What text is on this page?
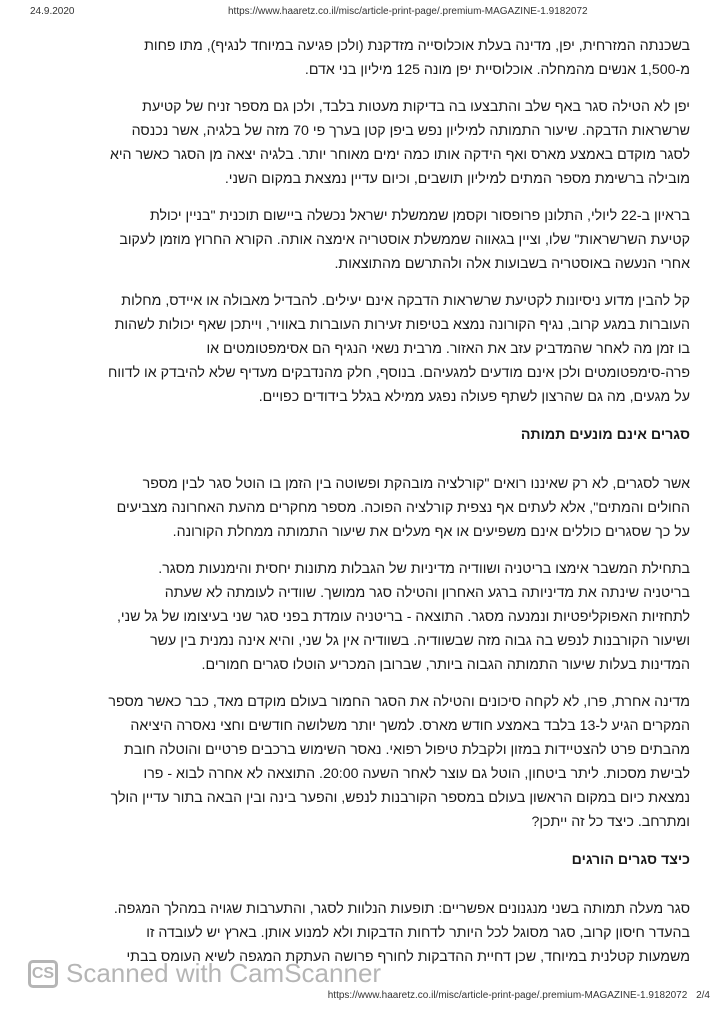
24.9.2020	https://www.haaretz.co.il/misc/article-print-page/.premium-MAGAZINE-1.9182072
בשכנתה המזרחית, יפן, מדינה בעלת אוכלוסייה מזדקנת (ולכן פגיעה במיוחד לנגיף), מתו פחות
מ-1,500 אנשים מהמחלה. אוכלוסיית יפן מונה 125 מיליון בני אדם.
יפן לא הטילה סגר באף שלב והתבצעו בה בדיקות מעטות בלבד, ולכן גם מספר זניח של קטיעת
שרשראות הדבקה. שיעור התמותה למיליון נפש ביפן קטן בערך פי 70 מזה של בלגיה, אשר נכנסה
לסגר מוקדם באמצע מארס ואף הידקה אותו כמה ימים מאוחר יותר. בלגיה יצאה מן הסגר כאשר היא
מובילה ברשימת מספר המתים למיליון תושבים, וכיום עדיין נמצאת במקום השני.
בראיון ב-22 ליולי, התלונן פרופסור וקסמן שממשלת ישראל נכשלה ביישום תוכנית "בניין יכולת
קטיעת השרשראות" שלו, וציין בגאווה שממשלת אוסטריה אימצה אותה. הקורא החרוץ מוזמן לעקוב
אחרי הנעשה באוסטריה בשבועות אלה ולהתרשם מהתוצאות.
קל להבין מדוע ניסיונות לקטיעת שרשראות הדבקה אינם יעילים. להבדיל מאבולה או איידס, מחלות
העוברות במגע קרוב, נגיף הקורונה נמצא בטיפות זעירות העוברות באוויר, וייתכן שאף יכולות לשהות
בו זמן מה לאחר שהמדביק עזב את האזור. מרבית נשאי הנגיף הם אסימפטומטים או
פרה-סימפטומטים ולכן אינם מודעים למגעיהם. בנוסף, חלק מהנדבקים מעדיף שלא להיבדק או לדווח
על מגעים, מה גם שהרצון לשתף פעולה נפגע ממילא בגלל בידודים כפויים.
סגרים אינם מונעים תמותה
אשר לסגרים, לא רק שאיננו רואים "קורלציה מובהקת ופשוטה בין הזמן בו הוטל סגר לבין מספר
החולים והמתים", אלא לעתים אף נצפית קורלציה הפוכה. מספר מחקרים מהעת האחרונה מצביעים
על כך שסגרים כוללים אינם משפיעים או אף מעלים את שיעור התמותה ממחלת הקורונה.
בתחילת המשבר אימצו בריטניה ושוודיה מדיניות של הגבלות מתונות יחסית והימנעות מסגר.
בריטניה שינתה את מדיניותה ברגע האחרון והטילה סגר ממושך. שוודיה לעומתה לא שעתה
לתחזיות האפוקליפטיות ונמנעה מסגר. התוצאה - בריטניה עומדת בפני סגר שני בעיצומו של גל שני,
ושיעור הקורבנות לנפש בה גבוה מזה שבשוודיה. בשוודיה אין גל שני, והיא אינה נמנית בין עשר
המדינות בעלות שיעור התמותה הגבוה ביותר, שברובן המכריע הוטלו סגרים חמורים.
מדינה אחרת, פרו, לא לקחה סיכונים והטילה את הסגר החמור בעולם מוקדם מאד, כבר כאשר מספר
המקרים הגיע ל-13 בלבד באמצע חודש מארס. למשך יותר משלושה חודשים וחצי נאסרה היציאה
מהבתים פרט להצטיידות במזון ולקבלת טיפול רפואי. נאסר השימוש ברכבים פרטיים והוטלה חובת
לבישת מסכות. ליתר ביטחון, הוטל גם עוצר לאחר השעה 20:00. התוצאה לא אחרה לבוא - פרו
נמצאת כיום במקום הראשון בעולם במספר הקורבנות לנפש, והפער בינה ובין הבאה בתור עדיין הולך
ומתרחב. כיצד כל זה ייתכן?
כיצד סגרים הורגים
סגר מעלה תמותה בשני מנגנונים אפשריים: תופעות הנלוות לסגר, והתערבות שגויה במהלך המגפה.
בהעדר חיסון קרוב, סגר מסוגל לכל היותר לדחות הדבקות ולא למנוע אותן. בארץ יש לעובדה זו
משמעות קטלנית במיוחד, שכן דחיית ההדבקות לחורף פרושה העתקת המגפה לשיא העומס בבתי
CS Scanned with CamScanner
https://www.haaretz.co.il/misc/article-print-page/.premium-MAGAZINE-1.9182072 2/4
